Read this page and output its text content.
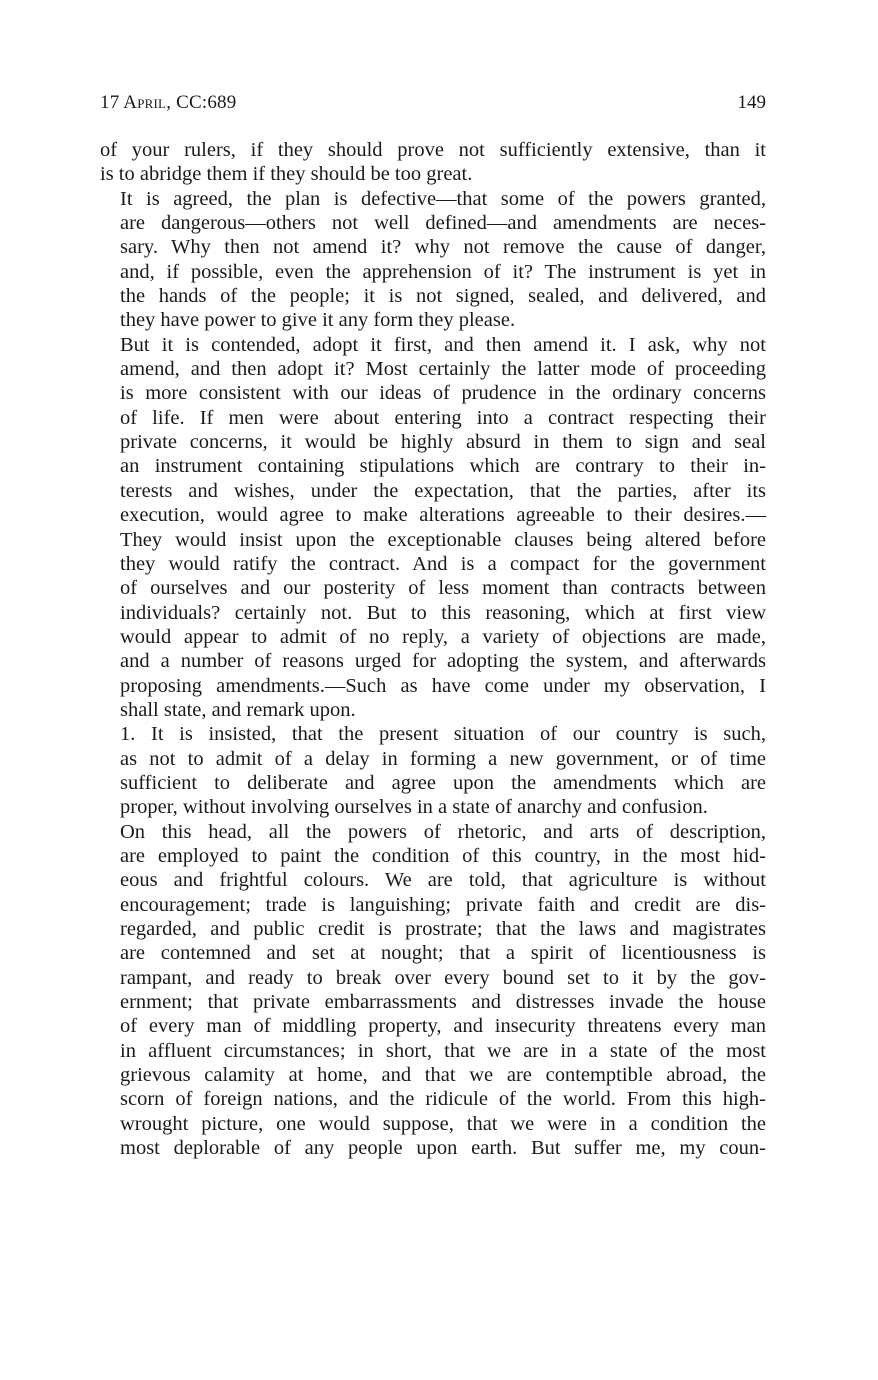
17 April, CC:689	149

of your rulers, if they should prove not sufficiently extensive, than it
is to abridge them if they should be too great.

It is agreed, the plan is defective—that some of the powers granted,
are dangerous—others not well defined—and amendments are neces-
sary. Why then not amend it? why not remove the cause of danger,
and, if possible, even the apprehension of it? The instrument is yet in
the hands of the people; it is not signed, sealed, and delivered, and
they have power to give it any form they please.

But it is contended, adopt it first, and then amend it. I ask, why not
amend, and then adopt it? Most certainly the latter mode of proceeding
is more consistent with our ideas of prudence in the ordinary concerns
of life. If men were about entering into a contract respecting their
private concerns, it would be highly absurd in them to sign and seal
an instrument containing stipulations which are contrary to their in-
terests and wishes, under the expectation, that the parties, after its
execution, would agree to make alterations agreeable to their desires.—
They would insist upon the exceptionable clauses being altered before
they would ratify the contract. And is a compact for the government
of ourselves and our posterity of less moment than contracts between
individuals? certainly not. But to this reasoning, which at first view
would appear to admit of no reply, a variety of objections are made,
and a number of reasons urged for adopting the system, and afterwards
proposing amendments.—Such as have come under my observation, I
shall state, and remark upon.

1. It is insisted, that the present situation of our country is such,
as not to admit of a delay in forming a new government, or of time
sufficient to deliberate and agree upon the amendments which are
proper, without involving ourselves in a state of anarchy and confusion.

On this head, all the powers of rhetoric, and arts of description,
are employed to paint the condition of this country, in the most hid-
eous and frightful colours. We are told, that agriculture is without
encouragement; trade is languishing; private faith and credit are dis-
regarded, and public credit is prostrate; that the laws and magistrates
are contemned and set at nought; that a spirit of licentiousness is
rampant, and ready to break over every bound set to it by the gov-
ernment; that private embarrassments and distresses invade the house
of every man of middling property, and insecurity threatens every man
in affluent circumstances; in short, that we are in a state of the most
grievous calamity at home, and that we are contemptible abroad, the
scorn of foreign nations, and the ridicule of the world. From this high-
wrought picture, one would suppose, that we were in a condition the
most deplorable of any people upon earth. But suffer me, my coun-
